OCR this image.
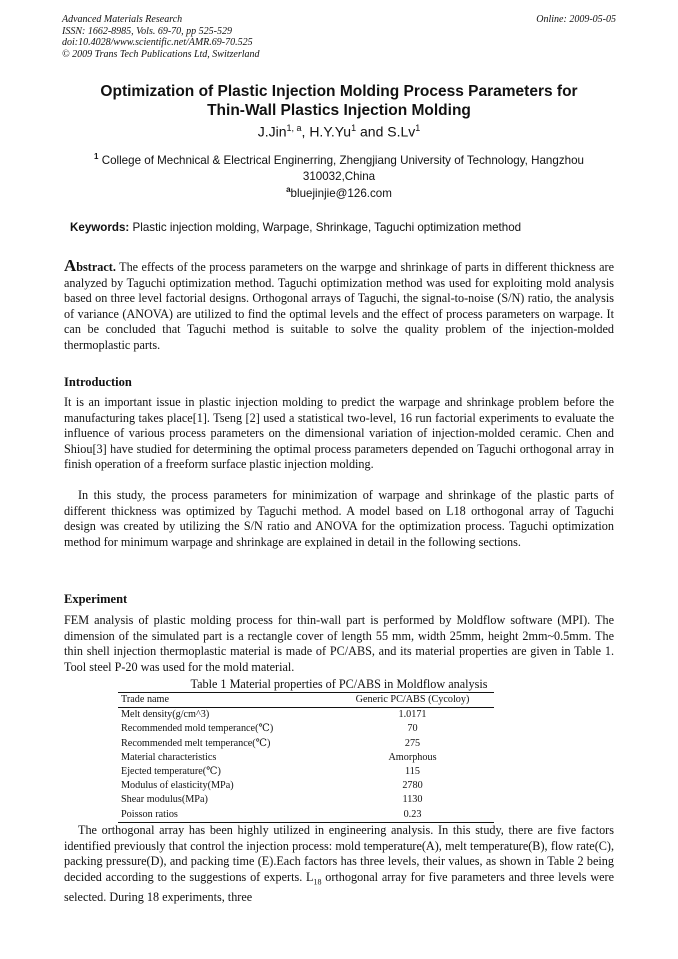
Advanced Materials Research
ISSN: 1662-8985, Vols. 69-70, pp 525-529
doi:10.4028/www.scientific.net/AMR.69-70.525
© 2009 Trans Tech Publications Ltd, Switzerland
Online: 2009-05-05
Optimization of Plastic Injection Molding Process Parameters for
Thin-Wall Plastics Injection Molding
J.Jin$^{1, a}$, H.Y.Yu$^1$ and S.Lv$^1$
$^1$ College of Mechnical & Electrical Enginerring, Zhengjiang University of Technology, Hangzhou
310032,China
$^a$bluejinjie@126.com
Keywords: Plastic injection molding, Warpage, Shrinkage, Taguchi optimization method

Abstract. The effects of the process parameters on the warpge and shrinkage of parts in different thickness are analyzed by Taguchi optimization method. Taguchi optimization method was used for exploiting mold analysis based on three level factorial designs. Orthogonal arrays of Taguchi, the signal-to-noise (S/N) ratio, the analysis of variance (ANOVA) are utilized to find the optimal levels and the effect of process parameters on warpage. It can be concluded that Taguchi method is suitable to solve the quality problem of the injection-molded thermoplastic parts.

Introduction

It is an important issue in plastic injection molding to predict the warpage and shrinkage problem before the manufacturing takes place[1]. Tseng [2] used a statistical two-level, 16 run factorial experiments to evaluate the influence of various process parameters on the dimensional variation of injection-molded ceramic. Chen and Shiou[3] have studied for determining the optimal process parameters depended on Taguchi orthogonal array in finish operation of a freeform surface plastic injection molding.

In this study, the process parameters for minimization of warpage and shrinkage of the plastic parts of different thickness was optimized by Taguchi method. A model based on L18 orthogonal array of Taguchi design was created by utilizing the S/N ratio and ANOVA for the optimization process. Taguchi optimization method for minimum warpage and shrinkage are explained in detail in the following sections.

Experiment

FEM analysis of plastic molding process for thin-wall part is performed by Moldflow software (MPI). The dimension of the simulated part is a rectangle cover of length 55 mm, width 25mm, height 2mm~0.5mm. The thin shell injection thermoplastic material is made of PC/ABS, and its material properties are given in Table 1. Tool steel P-20 was used for the mold material.

Table 1 Material properties of PC/ABS in Moldflow analysis
Trade name	Generic PC/ABS (Cycoloy)
Melt density(g/cm^3)	1.0171
Recommended mold temperance(℃)	70
Recommended melt temperance(℃)	275
Material characteristics	Amorphous
Ejected temperature(℃)	115
Modulus of elasticity(MPa)	2780
Shear modulus(MPa)	1130
Poisson ratios	0.23

The orthogonal array has been highly utilized in engineering analysis. In this study, there are five factors identified previously that control the injection process: mold temperature(A), melt temperature(B), flow rate(C), packing pressure(D), and packing time (E).Each factors has three levels, their values, as shown in Table 2 being decided according to the suggestions of experts. $L_{18}$ orthogonal array for five parameters and three levels were selected. During 18 experiments, three
